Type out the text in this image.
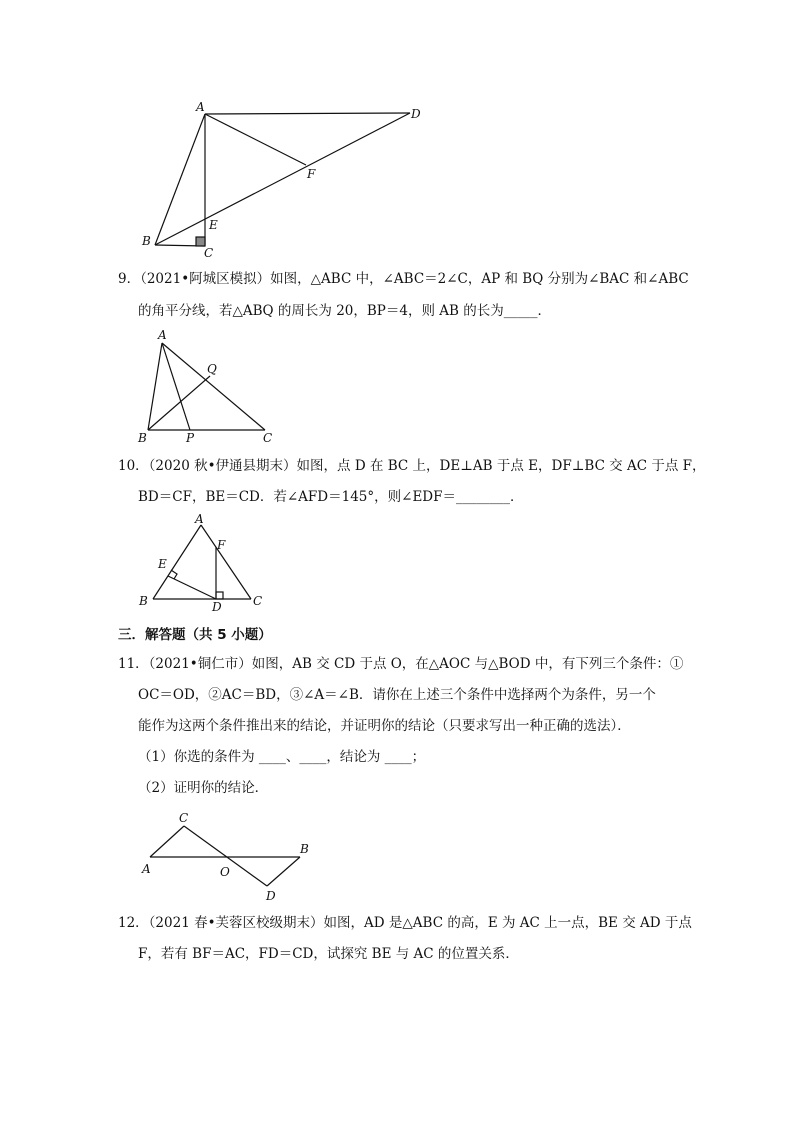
A	D
F
E
B
C
9．（2021•阿城区模拟）如图，△ABC 中，∠ABC＝2∠C，AP 和 BQ 分别为∠BAC 和∠ABC
的角平分线，若△ABQ 的周长为 20，BP＝4，则 AB 的长为_____．
A
Q
B	P	C
10．（2020 秋•伊通县期末）如图，点 D 在 BC 上，DE⊥AB 于点 E，DF⊥BC 交 AC 于点 F，
BD＝CF，BE＝CD．若∠AFD＝145°，则∠EDF＝________．
A
F
E
B	D	C
三．解答题（共 5 小题）
11．（2021•铜仁市）如图，AB 交 CD 于点 O，在△AOC 与△BOD 中，有下列三个条件：①
OC＝OD，②AC＝BD，③∠A＝∠B．请你在上述三个条件中选择两个为条件，另一个
能作为这两个条件推出来的结论，并证明你的结论（只要求写出一种正确的选法）．
（1）你选的条件为 ____、____，结论为 ____；
（2）证明你的结论．
C
A	O
B
D
12．（2021 春•芙蓉区校级期末）如图，AD 是△ABC 的高，E 为 AC 上一点，BE 交 AD 于点
F，若有 BF＝AC，FD＝CD，试探究 BE 与 AC 的位置关系．
